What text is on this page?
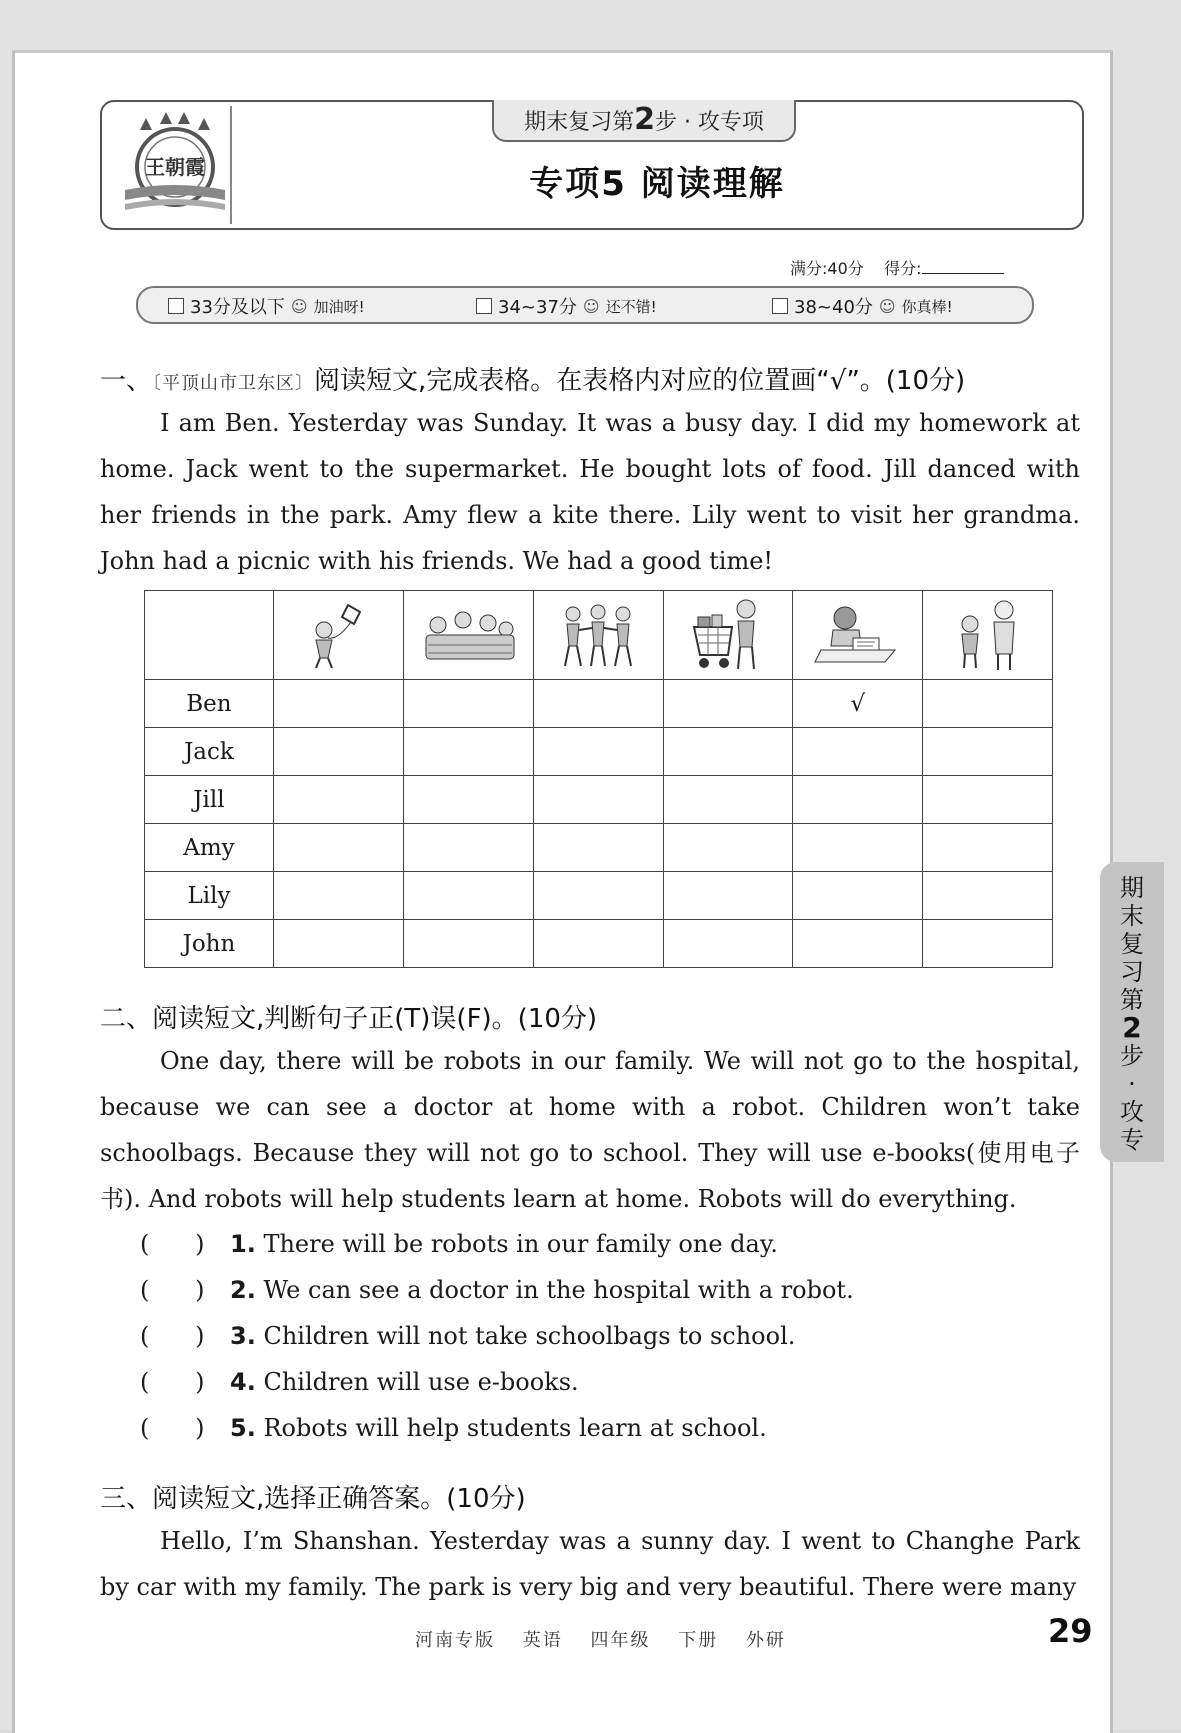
王朝霞
期末复习第2步 · 攻专项
专项5 阅读理解
满分:40分 得分:
33分及以下 ☺ 加油呀!	34~37分 ☺ 还不错!	38~40分 ☺ 你真棒!
一、〔平顶山市卫东区〕阅读短文,完成表格。在表格内对应的位置画“√”。(10分)
I am Ben. Yesterday was Sunday. It was a busy day. I did my homework at home. Jack went to the supermarket. He bought lots of food. Jill danced with her friends in the park. Amy flew a kite there. Lily went to visit her grandma. John had a picnic with his friends. We had a good time!

Ben					√	
Jack						
Jill						
Amy						
Lily						
John						
二、阅读短文,判断句子正(T)误(F)。(10分)
One day, there will be robots in our family. We will not go to the hospital, because we can see a doctor at home with a robot. Children won’t take schoolbags. Because they will not go to school. They will use e-books(使用电子书). And robots will help students learn at home. Robots will do everything.
(      ) 1. There will be robots in our family one day.
(      ) 2. We can see a doctor in the hospital with a robot.
(      ) 3. Children will not take schoolbags to school.
(      ) 4. Children will use e-books.
(      ) 5. Robots will help students learn at school.
三、阅读短文,选择正确答案。(10分)
Hello, I’m Shanshan. Yesterday was a sunny day. I went to Changhe Park by car with my family. The park is very big and very beautiful. There were many
河南专版 英语 四年级 下册 外研	29
期
末
复
习
第
2
步
·
攻
专
